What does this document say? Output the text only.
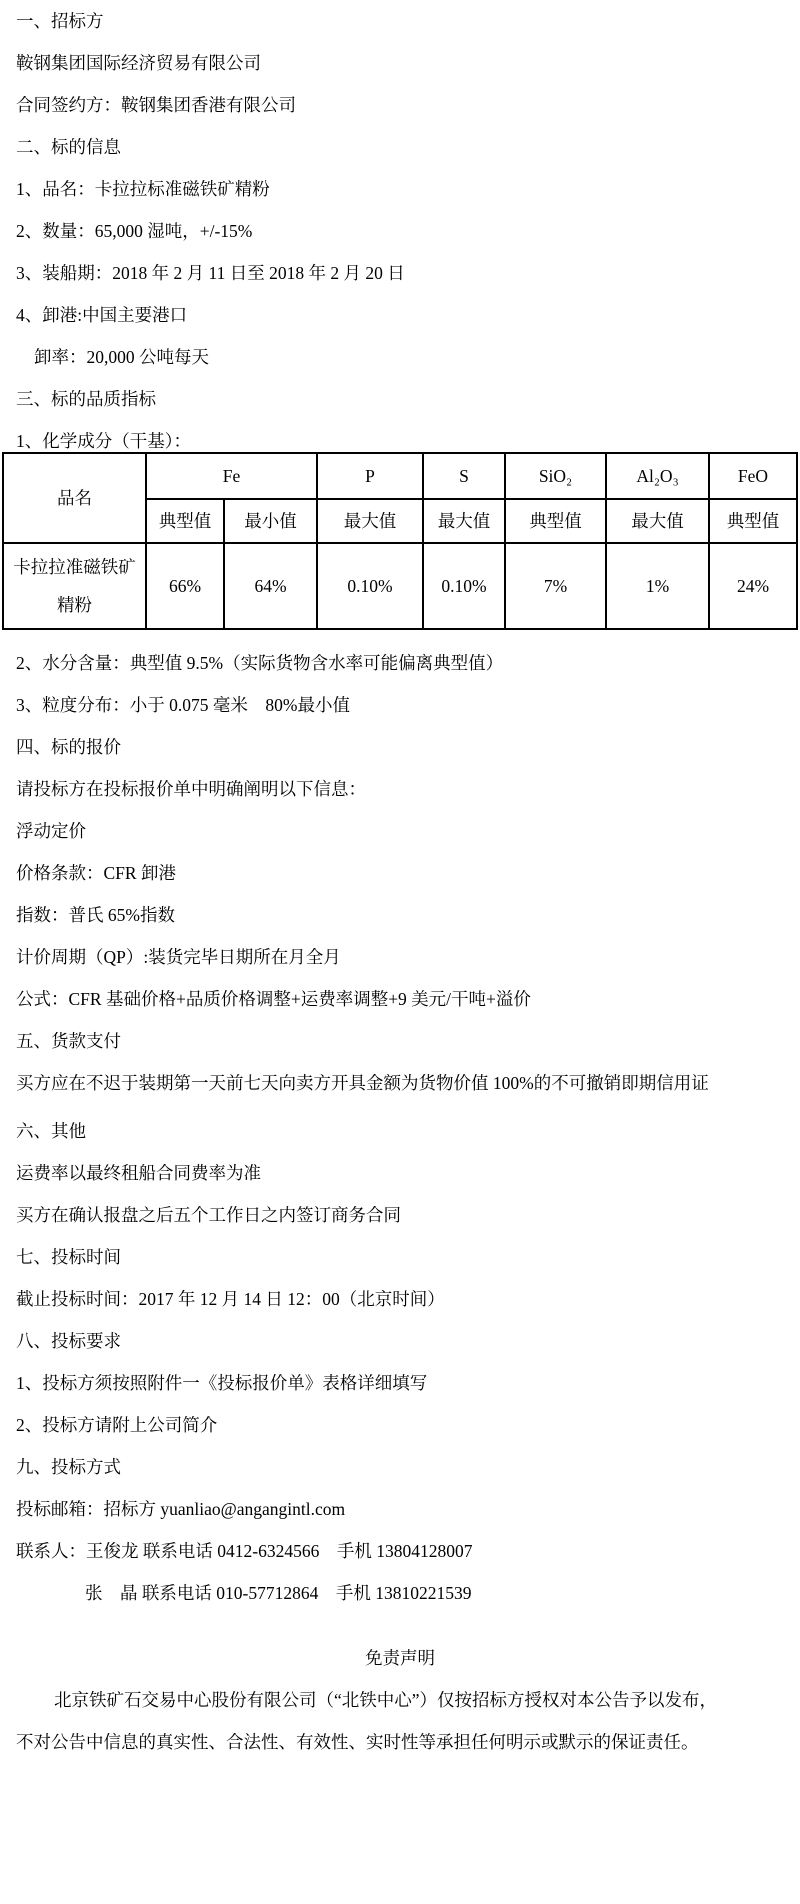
一、招标方

鞍钢集团国际经济贸易有限公司

合同签约方：鞍钢集团香港有限公司

二、标的信息

1、品名：卡拉拉标准磁铁矿精粉

2、数量：65,000 湿吨，+/-15%

3、装船期：2018 年 2 月 11 日至 2018 年 2 月 20 日

4、卸港:中国主要港口

卸率：20,000 公吨每天

三、标的品质指标

1、化学成分（干基）：

品名	Fe		P	S	SiO₂	Al₂O₃	FeO
	典型值	最小值	最大值	最大值	典型值	最大值	典型值

卡拉拉准磁铁矿
精粉	66%	64%	0.10%	0.10%	7%	1%	24%

2、水分含量：典型值 9.5%（实际货物含水率可能偏离典型值）

3、粒度分布：小于 0.075 毫米　80%最小值

四、标的报价

请投标方在投标报价单中明确阐明以下信息：

浮动定价

价格条款：CFR 卸港

指数：普氏 65%指数

计价周期（QP）:装货完毕日期所在月全月

公式：CFR 基础价格+品质价格调整+运费率调整+9 美元/干吨+溢价

五、货款支付

买方应在不迟于装期第一天前七天向卖方开具金额为货物价值 100%的不可撤销即期信用证

六、其他

运费率以最终租船合同费率为准

买方在确认报盘之后五个工作日之内签订商务合同

七、投标时间

截止投标时间：2017 年 12 月 14 日 12：00（北京时间）

八、投标要求

1、投标方须按照附件一《投标报价单》表格详细填写

2、投标方请附上公司简介

九、投标方式

投标邮箱：招标方 yuanliao@angangintl.com

联系人：王俊龙 联系电话 0412-6324566　手机 13804128007

张　晶 联系电话 010-57712864　手机 13810221539

免责声明

北京铁矿石交易中心股份有限公司（“北铁中心”）仅按招标方授权对本公告予以发布，

不对公告中信息的真实性、合法性、有效性、实时性等承担任何明示或默示的保证责任。
